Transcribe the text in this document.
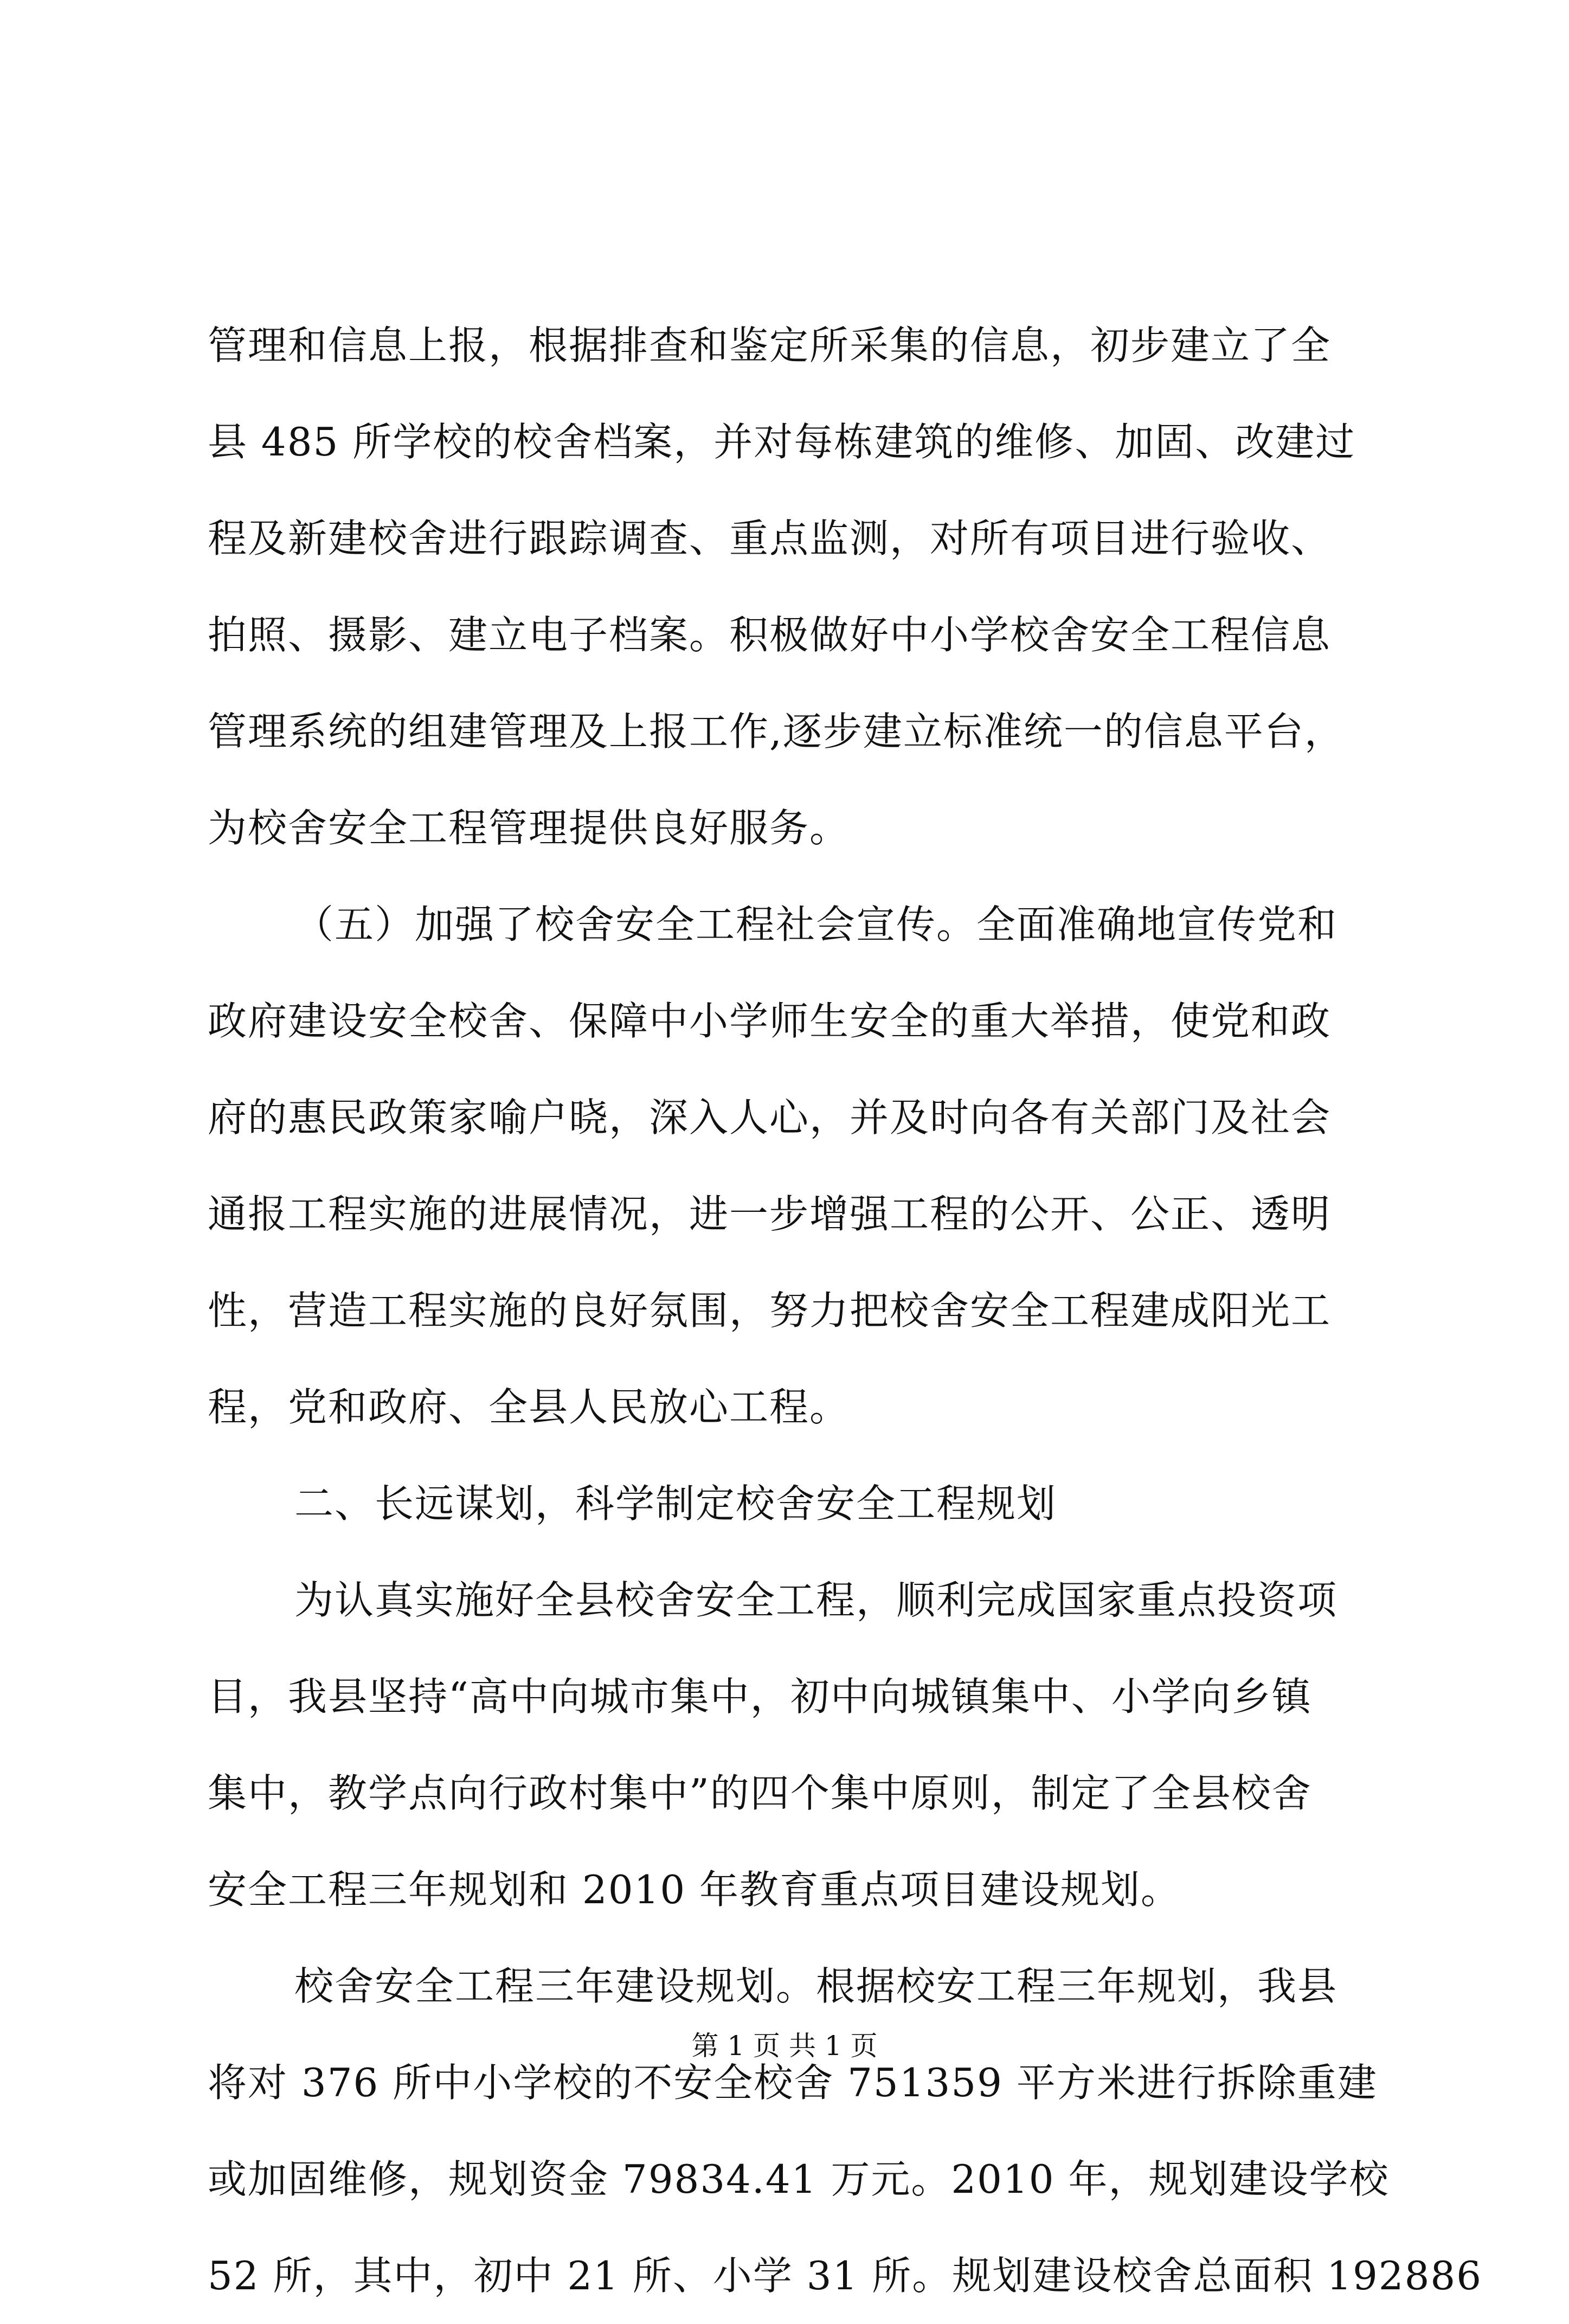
管理和信息上报，根据排查和鉴定所采集的信息，初步建立了全
县 485 所学校的校舍档案，并对每栋建筑的维修、加固、改建过
程及新建校舍进行跟踪调查、重点监测，对所有项目进行验收、
拍照、摄影、建立电子档案。积极做好中小学校舍安全工程信息
管理系统的组建管理及上报工作,逐步建立标准统一的信息平台，
为校舍安全工程管理提供良好服务。
（五）加强了校舍安全工程社会宣传。全面准确地宣传党和
政府建设安全校舍、保障中小学师生安全的重大举措，使党和政
府的惠民政策家喻户晓，深入人心，并及时向各有关部门及社会
通报工程实施的进展情况，进一步增强工程的公开、公正、透明
性，营造工程实施的良好氛围，努力把校舍安全工程建成阳光工
程，党和政府、全县人民放心工程。
二、长远谋划，科学制定校舍安全工程规划
为认真实施好全县校舍安全工程，顺利完成国家重点投资项
目，我县坚持“高中向城市集中，初中向城镇集中、小学向乡镇
集中，教学点向行政村集中”的四个集中原则，制定了全县校舍
安全工程三年规划和 2010 年教育重点项目建设规划。
校舍安全工程三年建设规划。根据校安工程三年规划，我县
将对 376 所中小学校的不安全校舍 751359 平方米进行拆除重建
或加固维修，规划资金 79834.41 万元。2010 年，规划建设学校
52 所，其中，初中 21 所、小学 31 所。规划建设校舍总面积 192886
第 1 页 共 1 页
